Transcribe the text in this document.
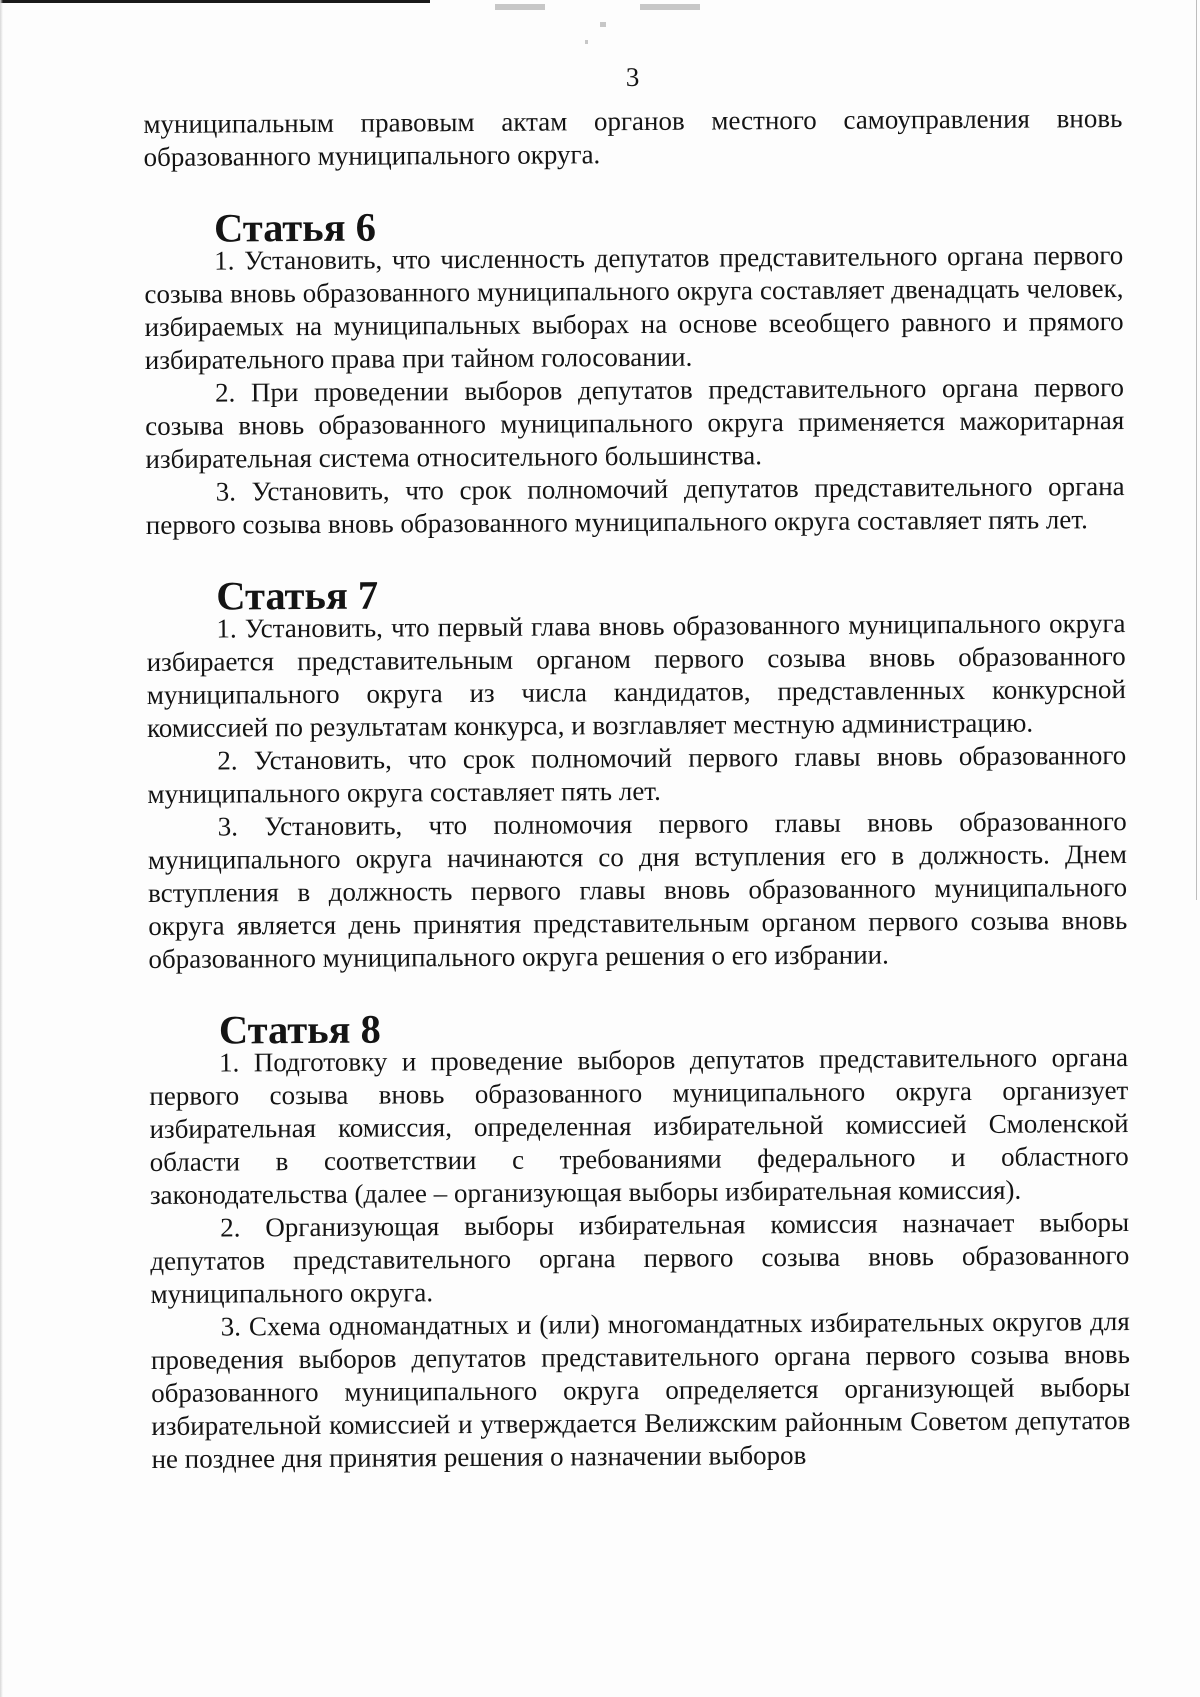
3

муниципальным правовым актам органов местного самоуправления вновь образованного муниципального округа.

Статья 6

1. Установить, что численность депутатов представительного органа первого созыва вновь образованного муниципального округа составляет двенадцать человек, избираемых на муниципальных выборах на основе всеобщего равного и прямого избирательного права при тайном голосовании.

2. При проведении выборов депутатов представительного органа первого созыва вновь образованного муниципального округа применяется мажоритарная избирательная система относительного большинства.

3. Установить, что срок полномочий депутатов представительного органа первого созыва вновь образованного муниципального округа составляет пять лет.

Статья 7

1. Установить, что первый глава вновь образованного муниципального округа избирается представительным органом первого созыва вновь образованного муниципального округа из числа кандидатов, представленных конкурсной комиссией по результатам конкурса, и возглавляет местную администрацию.

2. Установить, что срок полномочий первого главы вновь образованного муниципального округа составляет пять лет.

3. Установить, что полномочия первого главы вновь образованного муниципального округа начинаются со дня вступления его в должность. Днем вступления в должность первого главы вновь образованного муниципального округа является день принятия представительным органом первого созыва вновь образованного муниципального округа решения о его избрании.

Статья 8

1. Подготовку и проведение выборов депутатов представительного органа первого созыва вновь образованного муниципального округа организует избирательная комиссия, определенная избирательной комиссией Смоленской области в соответствии с требованиями федерального и областного законодательства (далее – организующая выборы избирательная комиссия).

2. Организующая выборы избирательная комиссия назначает выборы депутатов представительного органа первого созыва вновь образованного муниципального округа.

3. Схема одномандатных и (или) многомандатных избирательных округов для проведения выборов депутатов представительного органа первого созыва вновь образованного муниципального округа определяется организующей выборы избирательной комиссией и утверждается Велижским районным Советом депутатов не позднее дня принятия решения о назначении выборов
